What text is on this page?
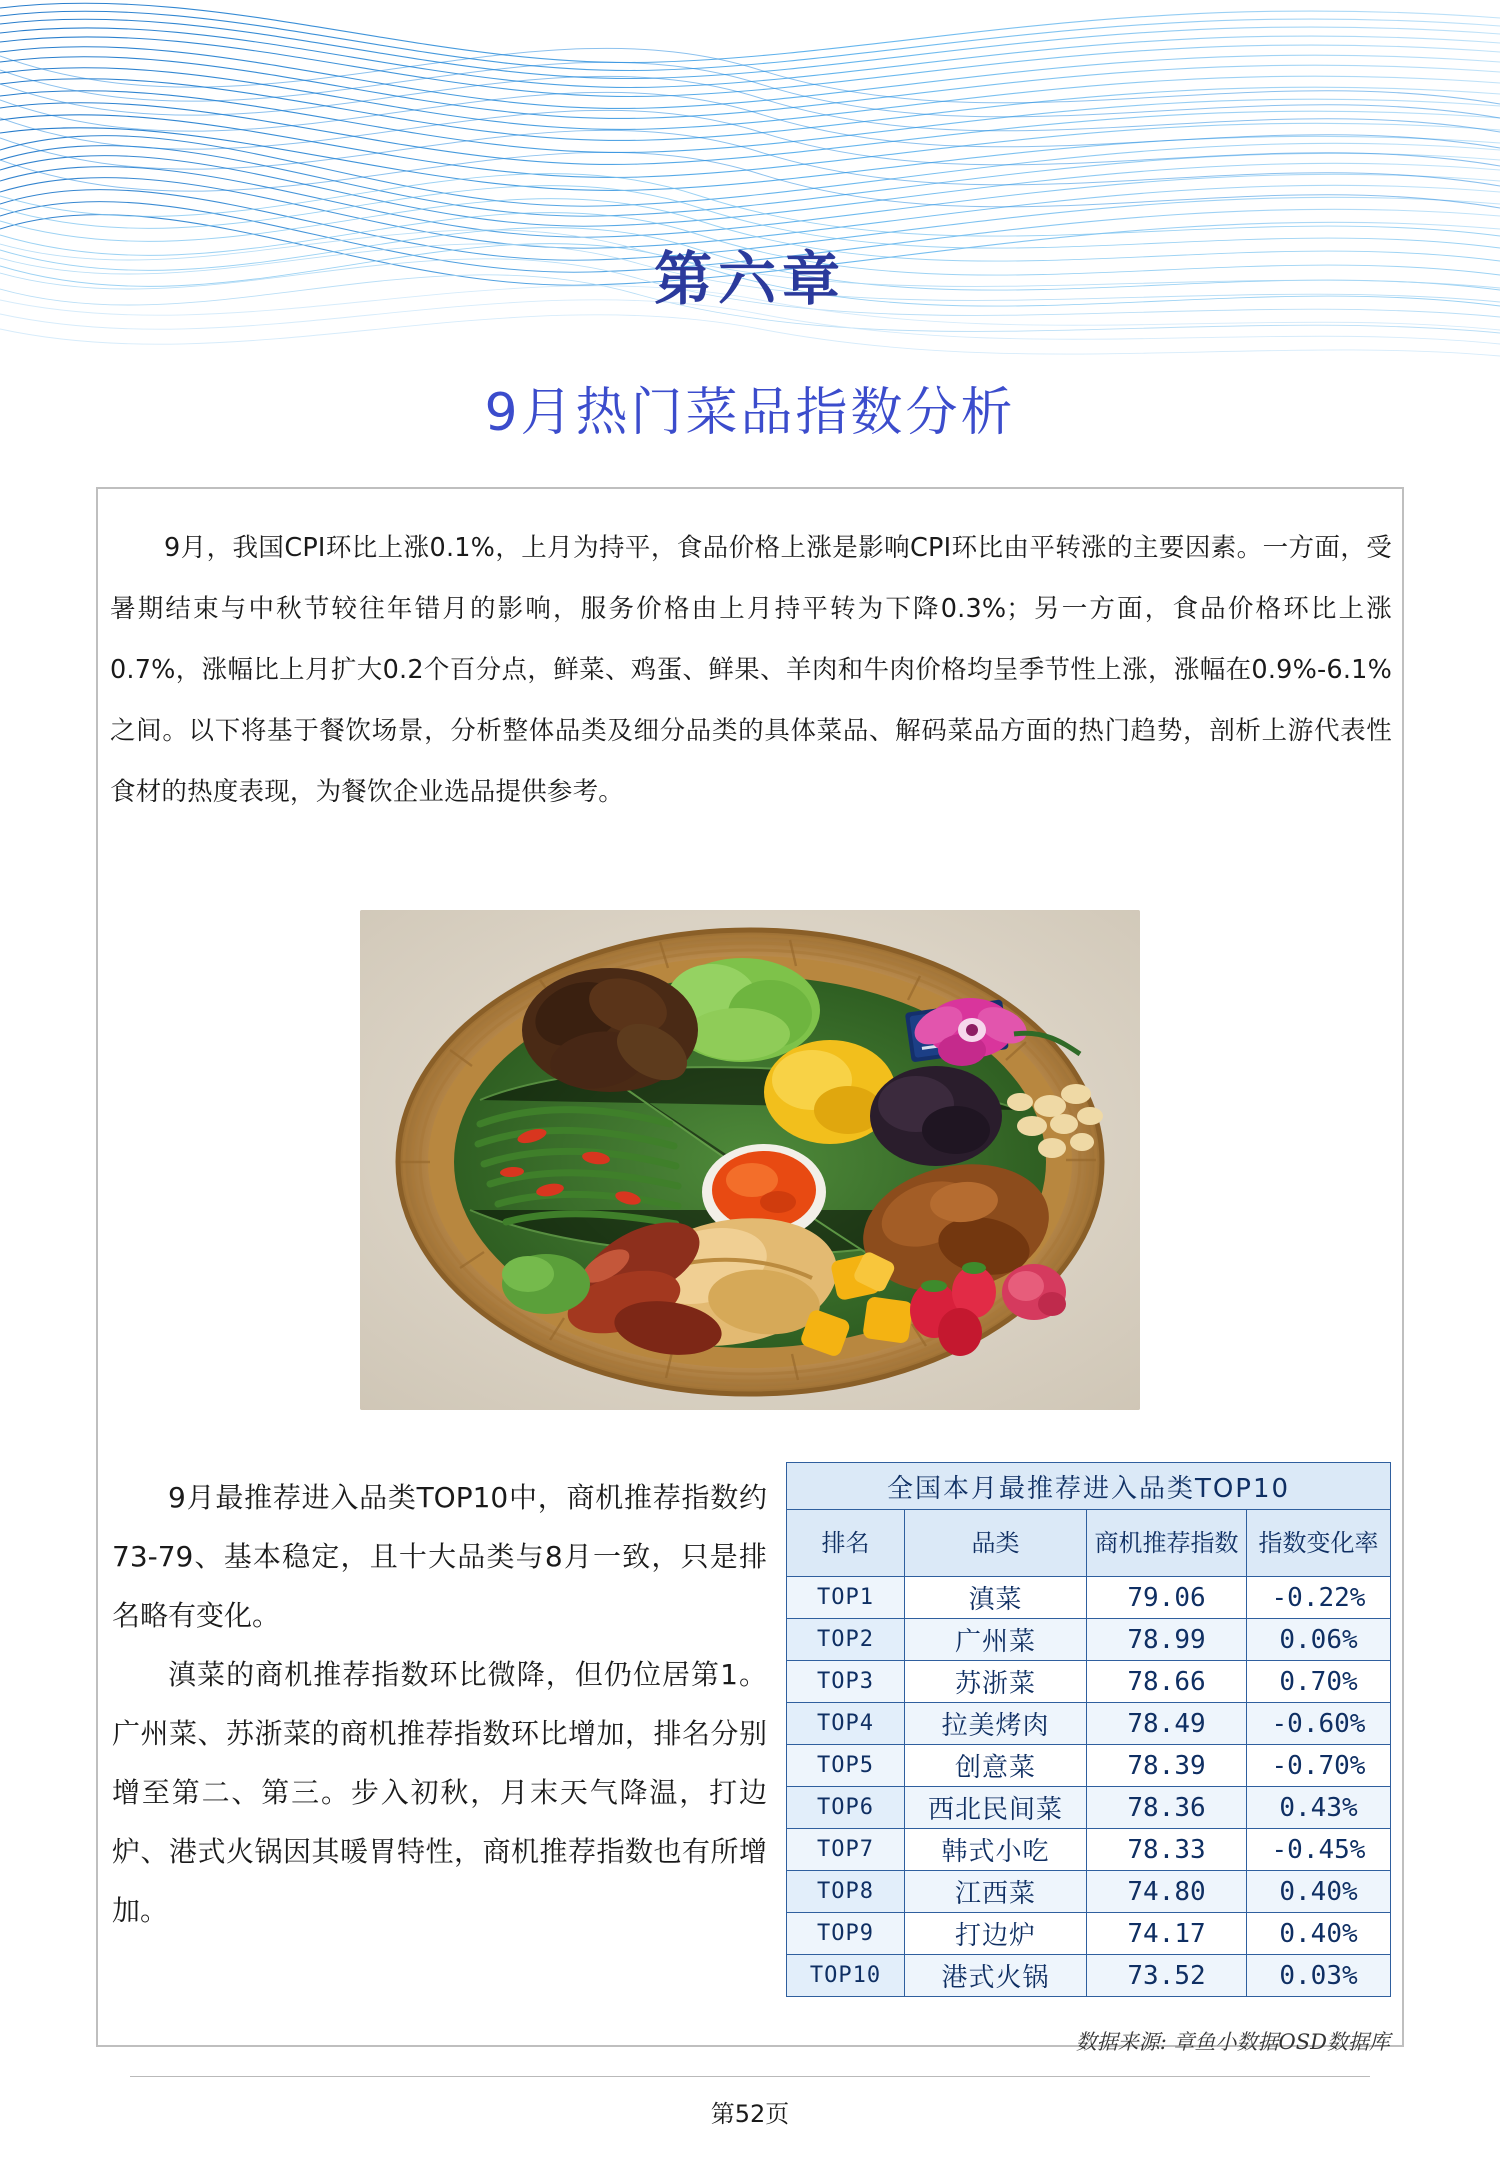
第六章
9月热门菜品指数分析
9月，我国CPI环比上涨0.1%，上月为持平，食品价格上涨是影响CPI环比由平转涨的主要因素。一方面，受暑期结束与中秋节较往年错月的影响，服务价格由上月持平转为下降0.3%；另一方面，食品价格环比上涨0.7%，涨幅比上月扩大0.2个百分点，鲜菜、鸡蛋、鲜果、羊肉和牛肉价格均呈季节性上涨，涨幅在0.9%-6.1%之间。以下将基于餐饮场景，分析整体品类及细分品类的具体菜品、解码菜品方面的热门趋势，剖析上游代表性食材的热度表现，为餐饮企业选品提供参考。

9月最推荐进入品类TOP10中，商机推荐指数约73-79、基本稳定，且十大品类与8月一致，只是排名略有变化。

滇菜的商机推荐指数环比微降，但仍位居第1。广州菜、苏浙菜的商机推荐指数环比增加，排名分别增至第二、第三。步入初秋，月末天气降温，打边炉、港式火锅因其暖胃特性，商机推荐指数也有所增加。

全国本月最推荐进入品类TOP10			
排名	品类	商机推荐指数	指数变化率
TOP1	滇菜	79.06	-0.22%
TOP2	广州菜	78.99	0.06%
TOP3	苏浙菜	78.66	0.70%
TOP4	拉美烤肉	78.49	-0.60%
TOP5	创意菜	78.39	-0.70%
TOP6	西北民间菜	78.36	0.43%
TOP7	韩式小吃	78.33	-0.45%
TOP8	江西菜	74.80	0.40%
TOP9	打边炉	74.17	0.40%
TOP10	港式火锅	73.52	0.03%
数据来源: 章鱼小数据OSD数据库
第52页
